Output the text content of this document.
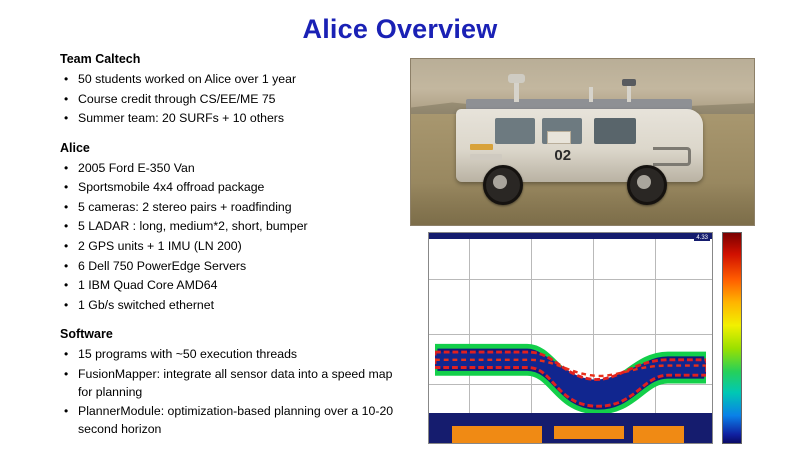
Alice Overview
Team Caltech
• 50 students worked on Alice over 1 year
• Course credit through CS/EE/ME 75
• Summer team: 20 SURFs + 10 others
Alice
• 2005 Ford E-350 Van
• Sportsmobile 4x4 offroad package
• 5 cameras: 2 stereo pairs + roadfinding
• 5 LADAR : long, medium*2, short, bumper
• 2 GPS units + 1 IMU (LN 200)
• 6 Dell 750 PowerEdge Servers
• 1 IBM Quad Core AMD64
• 1 Gb/s switched ethernet
Software
• 15 programs with ~50 execution threads
• FusionMapper: integrate all sensor data into a speed map for planning
• PlannerModule: optimization-based planning over a 10-20 second horizon
02
4.33
